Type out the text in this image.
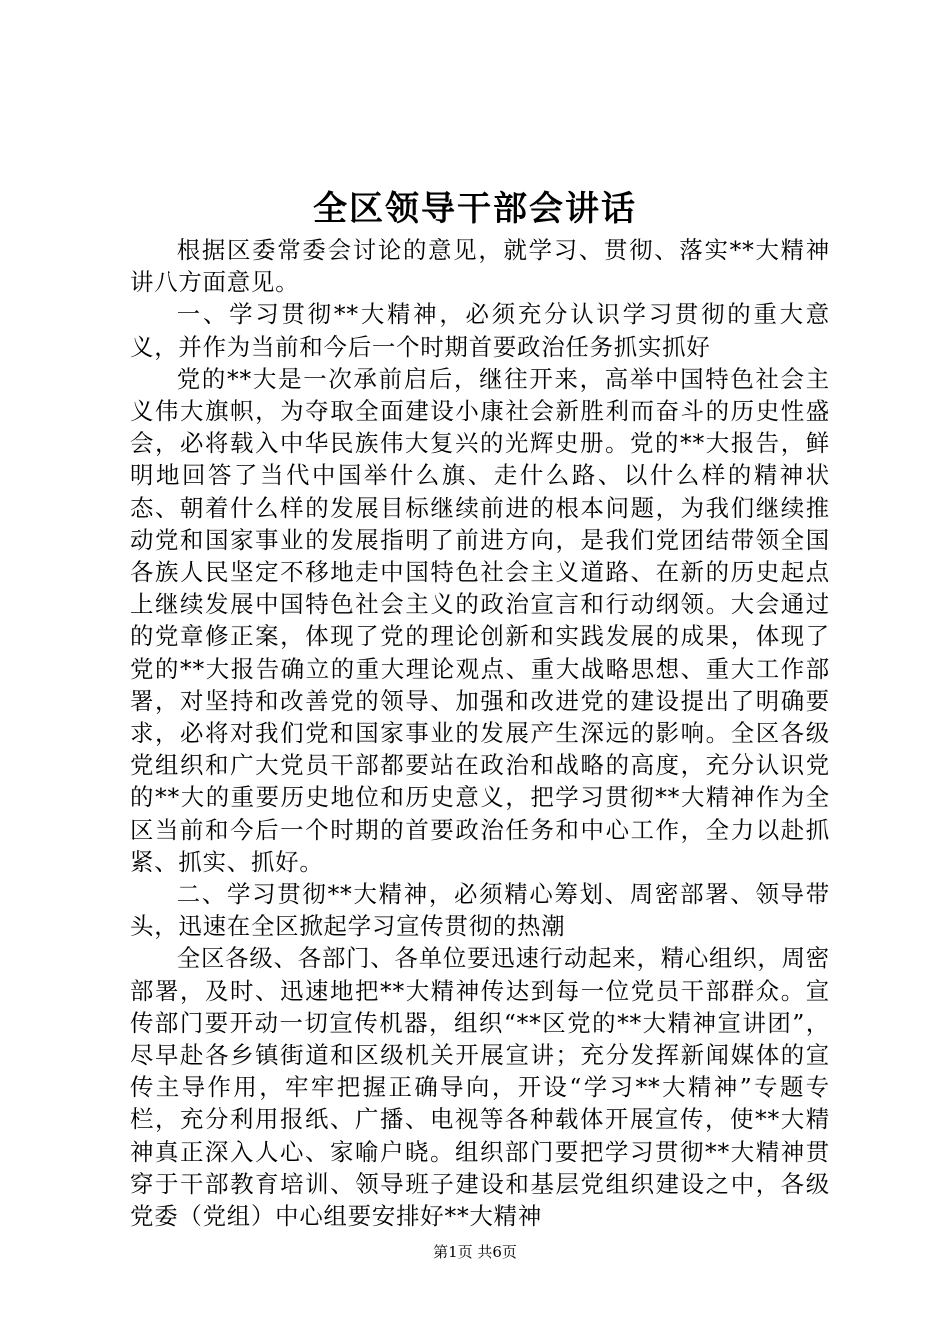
全区领导干部会讲话

根据区委常委会讨论的意见，就学习、贯彻、落实**大精神讲八方面意见。

一、学习贯彻**大精神，必须充分认识学习贯彻的重大意义，并作为当前和今后一个时期首要政治任务抓实抓好

党的**大是一次承前启后，继往开来，高举中国特色社会主义伟大旗帜，为夺取全面建设小康社会新胜利而奋斗的历史性盛会，必将载入中华民族伟大复兴的光辉史册。党的**大报告，鲜明地回答了当代中国举什么旗、走什么路、以什么样的精神状态、朝着什么样的发展目标继续前进的根本问题，为我们继续推动党和国家事业的发展指明了前进方向，是我们党团结带领全国各族人民坚定不移地走中国特色社会主义道路、在新的历史起点上继续发展中国特色社会主义的政治宣言和行动纲领。大会通过的党章修正案，体现了党的理论创新和实践发展的成果，体现了党的**大报告确立的重大理论观点、重大战略思想、重大工作部署，对坚持和改善党的领导、加强和改进党的建设提出了明确要求，必将对我们党和国家事业的发展产生深远的影响。全区各级党组织和广大党员干部都要站在政治和战略的高度，充分认识党的**大的重要历史地位和历史意义，把学习贯彻**大精神作为全区当前和今后一个时期的首要政治任务和中心工作，全力以赴抓紧、抓实、抓好。

二、学习贯彻**大精神，必须精心筹划、周密部署、领导带头，迅速在全区掀起学习宣传贯彻的热潮

全区各级、各部门、各单位要迅速行动起来，精心组织，周密部署，及时、迅速地把**大精神传达到每一位党员干部群众。宣传部门要开动一切宣传机器，组织“**区党的**大精神宣讲团”，尽早赴各乡镇街道和区级机关开展宣讲；充分发挥新闻媒体的宣传主导作用，牢牢把握正确导向，开设“学习**大精神”专题专栏，充分利用报纸、广播、电视等各种载体开展宣传，使**大精神真正深入人心、家喻户晓。组织部门要把学习贯彻**大精神贯穿于干部教育培训、领导班子建设和基层党组织建设之中，各级党委（党组）中心组要安排好**大精神

第1页 共6页
